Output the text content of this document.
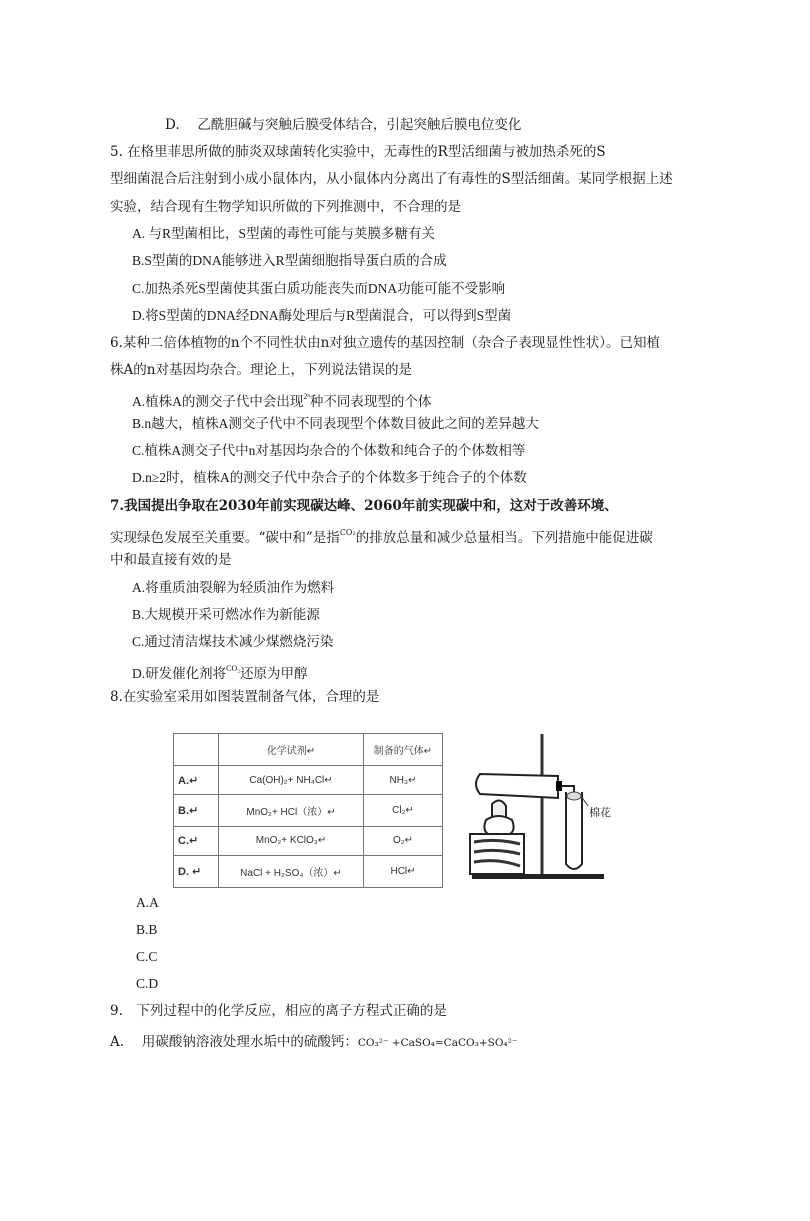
D.　 乙酰胆碱与突触后膜受体结合，引起突触后膜电位变化
5. 在格里菲思所做的肺炎双球菌转化实验中，无毒性的R型活细菌与被加热杀死的S
型细菌混合后注射到小成小鼠体内，从小鼠体内分离出了有毒性的S型活细菌。某同学根据上述
实验，结合现有生物学知识所做的下列推测中，不合理的是
A. 与R型菌相比，S型菌的毒性可能与荚膜多糖有关
B.S型菌的DNA能够进入R型菌细胞指导蛋白质的合成
C.加热杀死S型菌使其蛋白质功能丧失而DNA功能可能不受影响
D.将S型菌的DNA经DNA酶处理后与R型菌混合，可以得到S型菌
6.某种二倍体植物的n个不同性状由n对独立遗传的基因控制（杂合子表现显性性状）。已知植
株A的n对基因均杂合。理论上，下列说法错误的是
A.植株A的测交子代中会出现$^{2^n}$种不同表现型的个体
B.n越大，植株A测交子代中不同表现型个体数目彼此之间的差异越大
C.植株A测交子代中n对基因均杂合的个体数和纯合子的个体数相等
D.n≥2时，植株A的测交子代中杂合子的个体数多于纯合子的个体数
7.我国提出争取在2030年前实现碳达峰、2060年前实现碳中和，这对于改善环境、
实现绿色发展至关重要。“碳中和”是指$^{CO_2}$的排放总量和减少总量相当。下列措施中能促进碳
中和最直接有效的是
A.将重质油裂解为轻质油作为燃料
B.大规模开采可燃冰作为新能源
C.通过清洁煤技术减少煤燃烧污染
D.研发催化剂将$^{CO_2}$还原为甲醇
8.在实验室采用如图装置制备气体，合理的是
	化学试剂↵	制备的气体↵
A.↵	Ca(OH)₂+ NH₄Cl↵	NH₃↵
B.↵	MnO₂+ HCl（浓）↵	Cl₂↵
C.↵	MnO₂+ KClO₃↵	O₂↵
D. ↵	NaCl + H₂SO₄（浓）↵	HCl↵
棉花
A.A
B.B
C.C
C.D
9.　下列过程中的化学反应，相应的离子方程式正确的是
A.　 用碳酸钠溶液处理水垢中的硫酸钙：CO₃²⁻ +CaSO₄=CaCO₃+SO₄²⁻
